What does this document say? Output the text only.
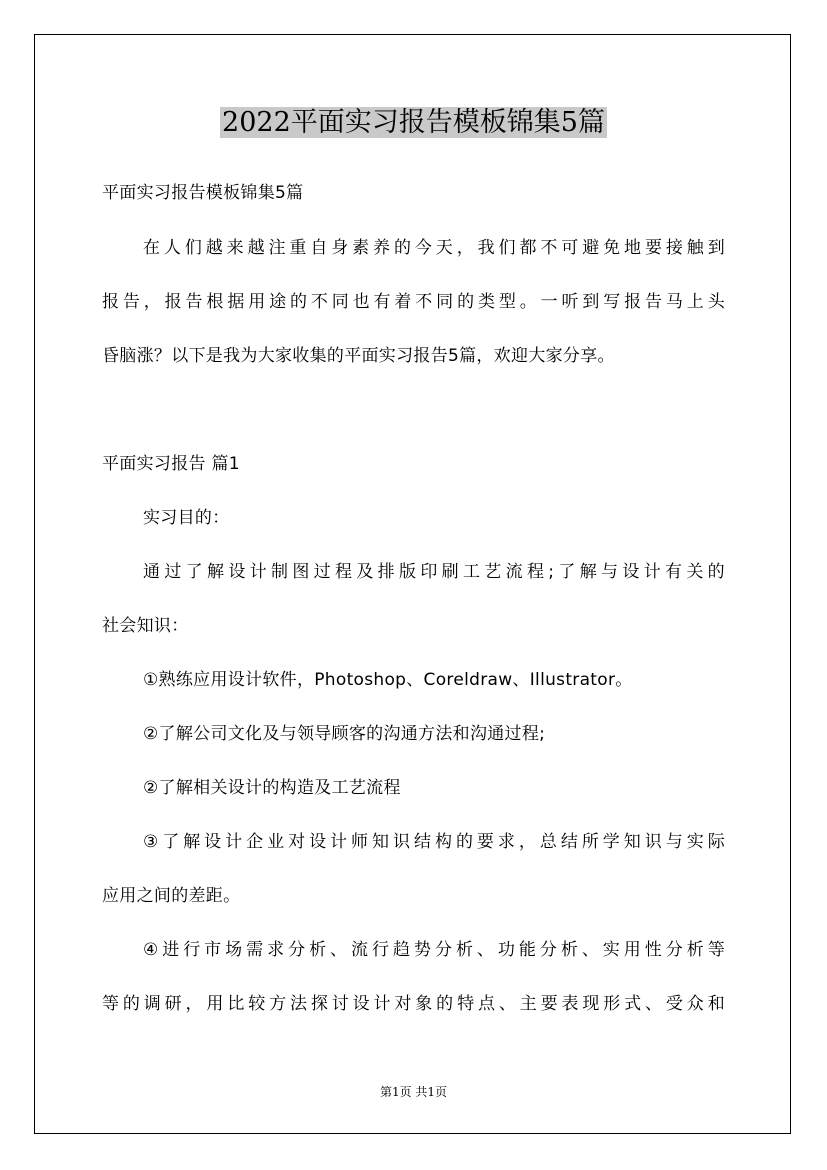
2022平面实习报告模板锦集5篇
平面实习报告模板锦集5篇
在人们越来越注重自身素养的今天，我们都不可避免地要接触到
报告，报告根据用途的不同也有着不同的类型。一听到写报告马上头
昏脑涨？以下是我为大家收集的平面实习报告5篇，欢迎大家分享。
平面实习报告 篇1
实习目的：
通过了解设计制图过程及排版印刷工艺流程;了解与设计有关的
社会知识：
①熟练应用设计软件，Photoshop、Coreldraw、Illustrator。
②了解公司文化及与领导顾客的沟通方法和沟通过程;
②了解相关设计的构造及工艺流程
③了解设计企业对设计师知识结构的要求，总结所学知识与实际
应用之间的差距。
④进行市场需求分析、流行趋势分析、功能分析、实用性分析等
等的调研，用比较方法探讨设计对象的特点、主要表现形式、受众和
第1页 共1页
